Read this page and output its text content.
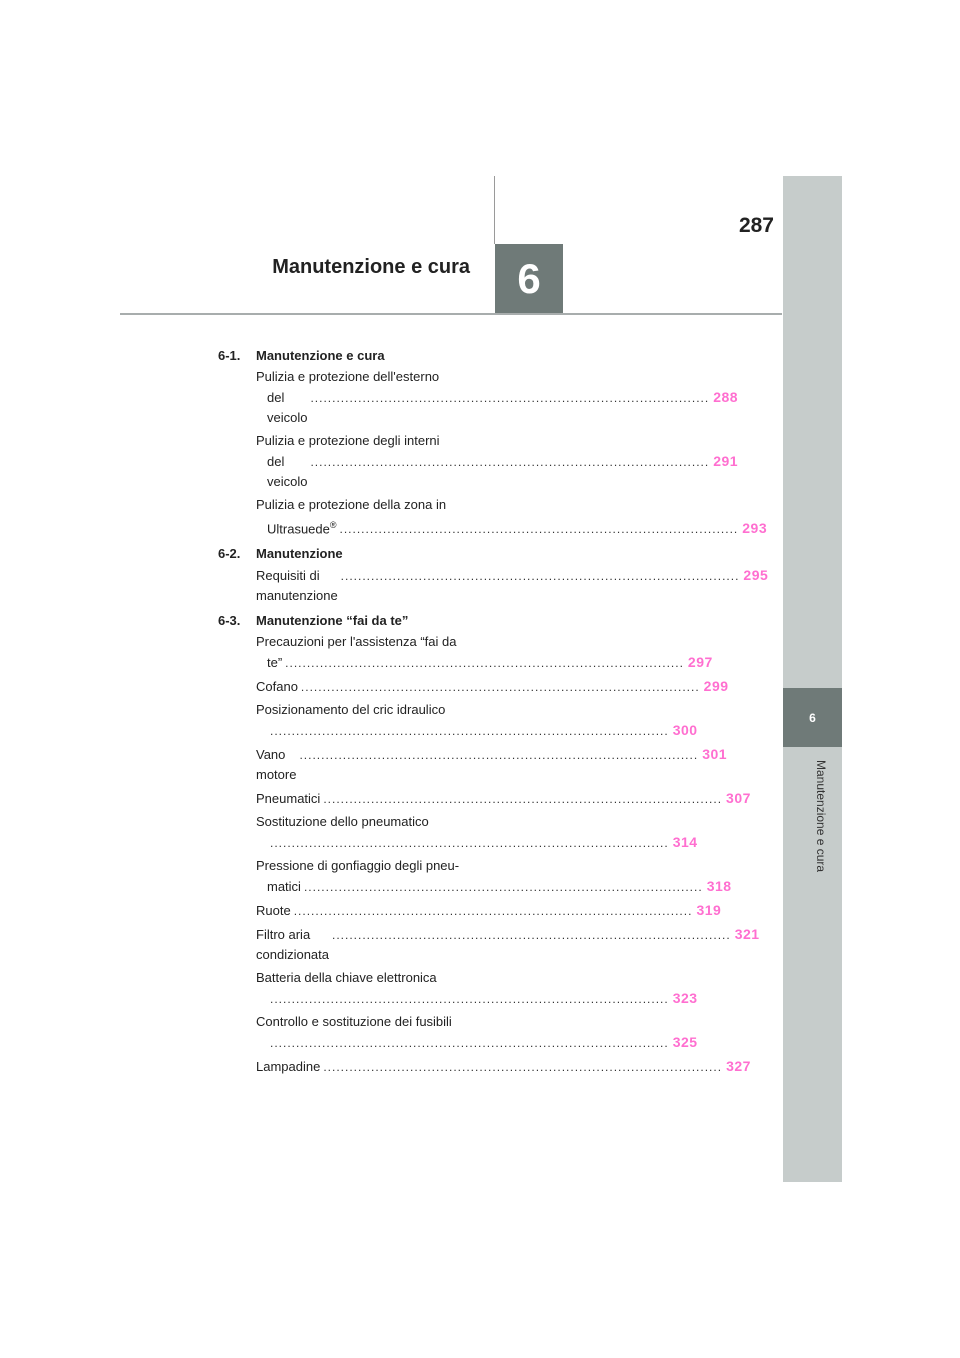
287
Manutenzione e cura	6
6
Manutenzione e cura
6-1. Manutenzione e cura
Pulizia e protezione dell'esterno
del veicolo
............................................................................................ 288
Pulizia e protezione degli interni
del veicolo
............................................................................................ 291
Pulizia e protezione della zona in
Ultrasuede® ............................................................................................ 293
6-2. Manutenzione
Requisiti di manutenzione
............................................................................................ 295
6-3. Manutenzione “fai da te”
Precauzioni per l'assistenza “fai da
te” ............................................................................................ 297
Cofano ............................................................................................ 299
Posizionamento del cric idraulico
............................................................................................ 300
Vano motore
............................................................................................ 301
Pneumatici ............................................................................................ 307
Sostituzione dello pneumatico
............................................................................................ 314
Pressione di gonfiaggio degli pneu-
matici ............................................................................................ 318
Ruote ............................................................................................ 319
Filtro aria condizionata
............................................................................................ 321
Batteria della chiave elettronica
............................................................................................ 323
Controllo e sostituzione dei fusibili
............................................................................................ 325
Lampadine ............................................................................................ 327
